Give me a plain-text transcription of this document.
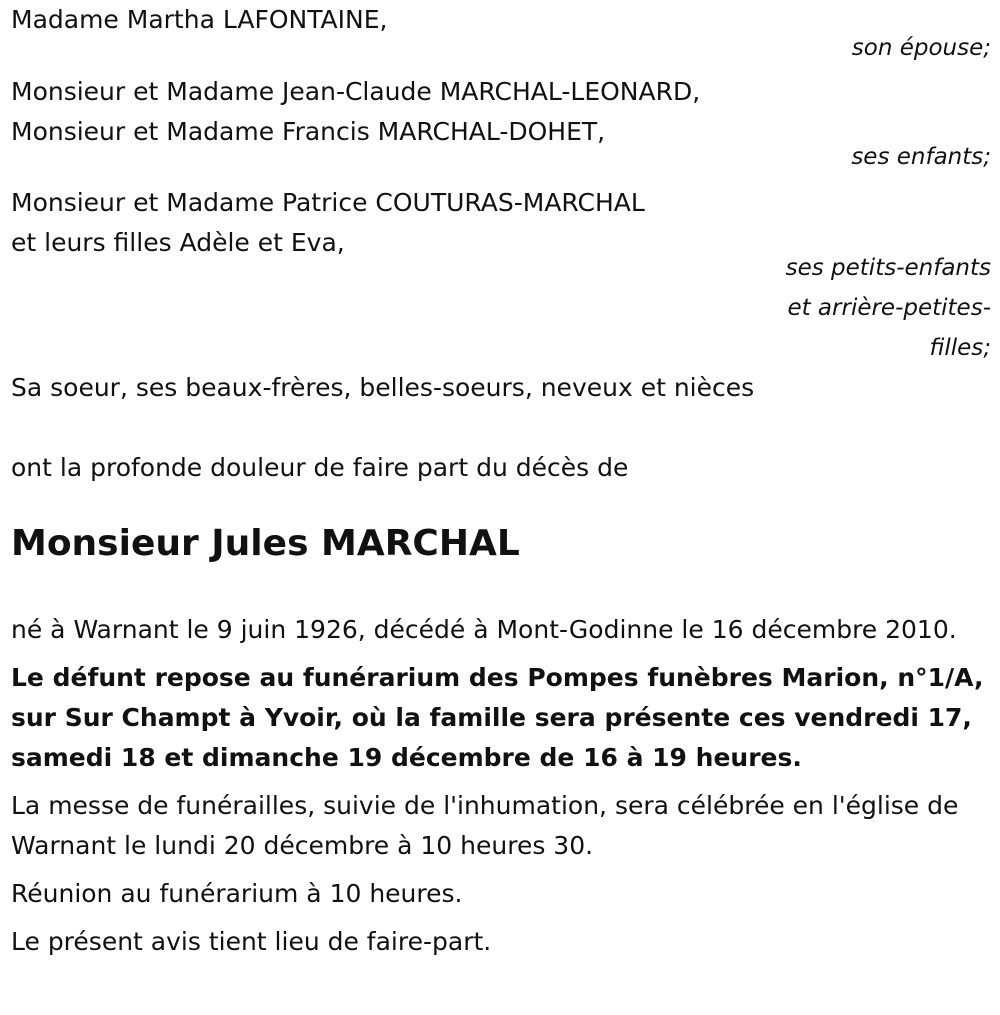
Madame Martha LAFONTAINE,

son épouse;

Monsieur et Madame Jean-Claude MARCHAL-LEONARD,

Monsieur et Madame Francis MARCHAL-DOHET,

ses enfants;

Monsieur et Madame Patrice COUTURAS-MARCHAL

et leurs filles Adèle et Eva,

ses petits-enfants

et arrière-petites-

filles;

Sa soeur, ses beaux-frères, belles-soeurs, neveux et nièces

ont la profonde douleur de faire part du décès de

Monsieur Jules MARCHAL

né à Warnant le 9 juin 1926, décédé à Mont-Godinne le 16 décembre 2010.

Le défunt repose au funérarium des Pompes funèbres Marion, n°1/A, sur Sur Champt à Yvoir, où la famille sera présente ces vendredi 17, samedi 18 et dimanche 19 décembre de 16 à 19 heures.

La messe de funérailles, suivie de l'inhumation, sera célébrée en l'église de Warnant le lundi 20 décembre à 10 heures 30.

Réunion au funérarium à 10 heures.

Le présent avis tient lieu de faire-part.
